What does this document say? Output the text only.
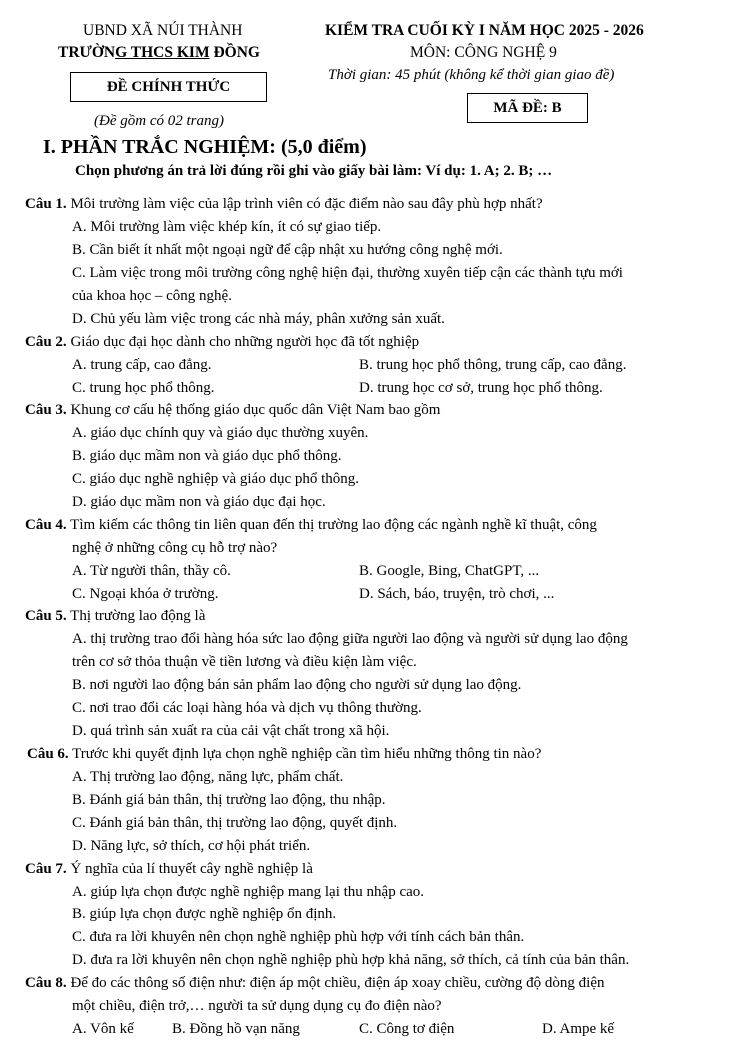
UBND XÃ NÚI THÀNH
TRƯỜNG THCS KIM ĐỒNG
ĐỀ CHÍNH THỨC
(Đề gồm có 02 trang)
KIỂM TRA CUỐI KỲ I NĂM HỌC 2025 - 2026
MÔN: CÔNG NGHỆ 9
Thời gian: 45 phút (không kể thời gian giao đề)
MÃ ĐỀ: B
I. PHẦN TRẮC NGHIỆM: (5,0 điểm)
Chọn phương án trả lời đúng rồi ghi vào giấy bài làm: Ví dụ: 1. A; 2. B; …
Câu 1. Môi trường làm việc của lập trình viên có đặc điểm nào sau đây phù hợp nhất?
A. Môi trường làm việc khép kín, ít có sự giao tiếp.
B. Cần biết ít nhất một ngoại ngữ để cập nhật xu hướng công nghệ mới.
C. Làm việc trong môi trường công nghệ hiện đại, thường xuyên tiếp cận các thành tựu mới
của khoa học – công nghệ.
D. Chủ yếu làm việc trong các nhà máy, phân xưởng sản xuất.
Câu 2. Giáo dục đại học dành cho những người học đã tốt nghiệp
A. trung cấp, cao đẳng.	B. trung học phổ thông, trung cấp, cao đẳng.
C. trung học phổ thông.	D. trung học cơ sở, trung học phổ thông.
Câu 3. Khung cơ cấu hệ thống giáo dục quốc dân Việt Nam bao gồm
A. giáo dục chính quy và giáo dục thường xuyên.
B. giáo dục mầm non và giáo dục phổ thông.
C. giáo dục nghề nghiệp và giáo dục phổ thông.
D. giáo dục mầm non và giáo dục đại học.
Câu 4. Tìm kiếm các thông tin liên quan đến thị trường lao động các ngành nghề kĩ thuật, công
nghệ ở những công cụ hỗ trợ nào?
A. Từ người thân, thầy cô.	B. Google, Bing, ChatGPT, ...
C. Ngoại khóa ở trường.	D. Sách, báo, truyện, trò chơi, ...
Câu 5. Thị trường lao động là
A. thị trường trao đổi hàng hóa sức lao động giữa người lao động và người sử dụng lao động
trên cơ sở thỏa thuận về tiền lương và điều kiện làm việc.
B. nơi người lao động bán sản phẩm lao động cho người sử dụng lao động.
C. nơi trao đổi các loại hàng hóa và dịch vụ thông thường.
D. quá trình sản xuất ra của cải vật chất trong xã hội.
Câu 6. Trước khi quyết định lựa chọn nghề nghiệp cần tìm hiểu những thông tin nào?
A. Thị trường lao động, năng lực, phẩm chất.
B. Đánh giá bản thân, thị trường lao động, thu nhập.
C. Đánh giá bản thân, thị trường lao động, quyết định.
D. Năng lực, sở thích, cơ hội phát triển.
Câu 7. Ý nghĩa của lí thuyết cây nghề nghiệp là
A. giúp lựa chọn được nghề nghiệp mang lại thu nhập cao.
B. giúp lựa chọn được nghề nghiệp ổn định.
C. đưa ra lời khuyên nên chọn nghề nghiệp phù hợp với tính cách bản thân.
D. đưa ra lời khuyên nên chọn nghề nghiệp phù hợp khả năng, sở thích, cả tính của bản thân.
Câu 8. Để đo các thông số điện như: điện áp một chiều, điện áp xoay chiều, cường độ dòng điện
một chiều, điện trở,… người ta sử dụng dụng cụ đo điện nào?
A. Vôn kế	B. Đồng hồ vạn năng	C. Công tơ điện	D. Ampe kế
